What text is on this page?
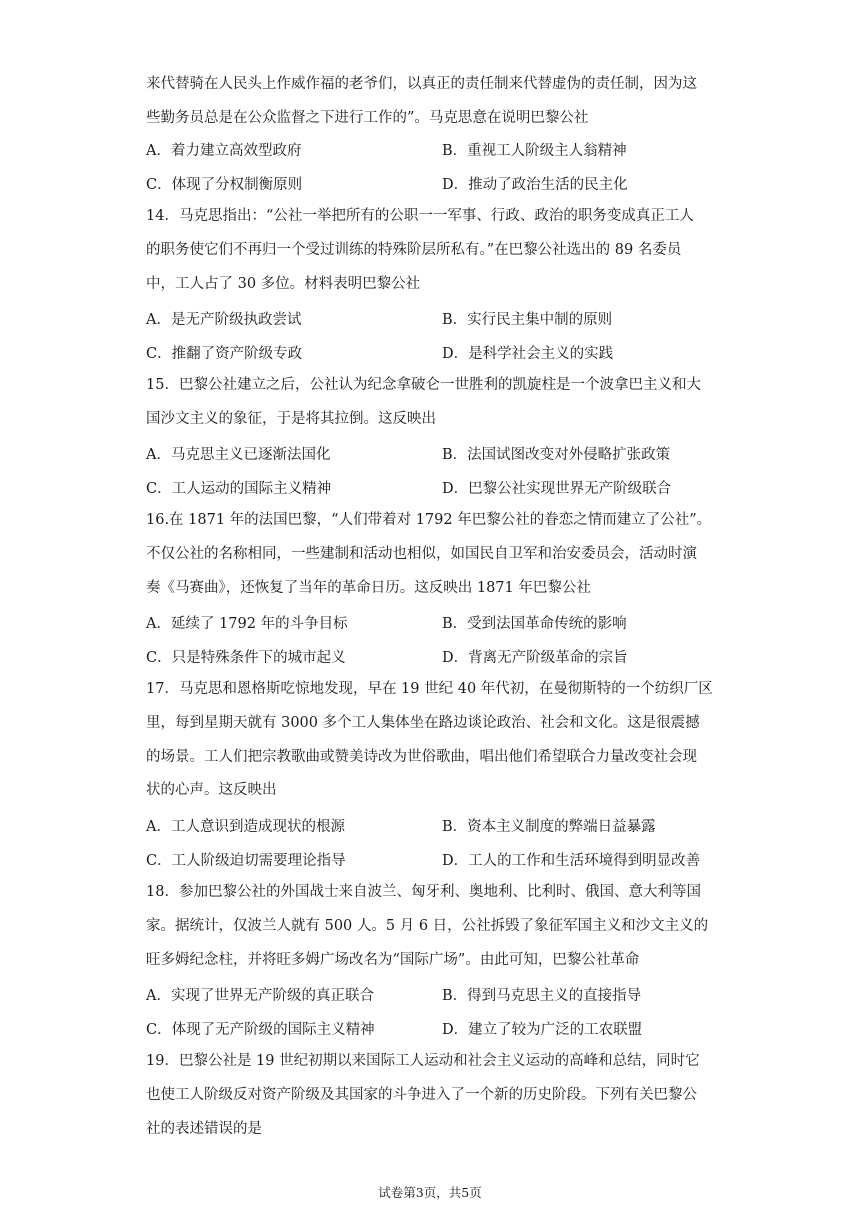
来代替骑在人民头上作威作福的老爷们，以真正的责任制来代替虚伪的责任制，因为这
些勤务员总是在公众监督之下进行工作的”。马克思意在说明巴黎公社
A．着力建立高效型政府	B．重视工人阶级主人翁精神
C．体现了分权制衡原则	D．推动了政治生活的民主化
14．马克思指出：“公社一举把所有的公职一一军事、行政、政治的职务变成真正工人
的职务使它们不再归一个受过训练的特殊阶层所私有。”在巴黎公社选出的 89 名委员
中，工人占了 30 多位。材料表明巴黎公社
A．是无产阶级执政尝试	B．实行民主集中制的原则
C．推翻了资产阶级专政	D．是科学社会主义的实践
15．巴黎公社建立之后，公社认为纪念拿破仑一世胜利的凯旋柱是一个波拿巴主义和大
国沙文主义的象征，于是将其拉倒。这反映出
A．马克思主义已逐渐法国化	B．法国试图改变对外侵略扩张政策
C．工人运动的国际主义精神	D．巴黎公社实现世界无产阶级联合
16.在 1871 年的法国巴黎，“人们带着对 1792 年巴黎公社的眷恋之情而建立了公社”。
不仅公社的名称相同，一些建制和活动也相似，如国民自卫军和治安委员会，活动时演
奏《马赛曲》，还恢复了当年的革命日历。这反映出 1871 年巴黎公社
A．延续了 1792 年的斗争目标	B．受到法国革命传统的影响
C．只是特殊条件下的城市起义	D．背离无产阶级革命的宗旨
17．马克思和恩格斯吃惊地发现，早在 19 世纪 40 年代初，在曼彻斯特的一个纺织厂区
里，每到星期天就有 3000 多个工人集体坐在路边谈论政治、社会和文化。这是很震撼
的场景。工人们把宗教歌曲或赞美诗改为世俗歌曲，唱出他们希望联合力量改变社会现
状的心声。这反映出
A．工人意识到造成现状的根源	B．资本主义制度的弊端日益暴露
C．工人阶级迫切需要理论指导	D．工人的工作和生活环境得到明显改善
18．参加巴黎公社的外国战士来自波兰、匈牙利、奥地利、比利时、俄国、意大利等国
家。据统计，仅波兰人就有 500 人。5 月 6 日，公社拆毁了象征军国主义和沙文主义的
旺多姆纪念柱，并将旺多姆广场改名为“国际广场”。由此可知，巴黎公社革命
A．实现了世界无产阶级的真正联合	B．得到马克思主义的直接指导
C．体现了无产阶级的国际主义精神	D．建立了较为广泛的工农联盟
19．巴黎公社是 19 世纪初期以来国际工人运动和社会主义运动的高峰和总结，同时它
也使工人阶级反对资产阶级及其国家的斗争进入了一个新的历史阶段。下列有关巴黎公
社的表述错误的是
试卷第3页，共5页
